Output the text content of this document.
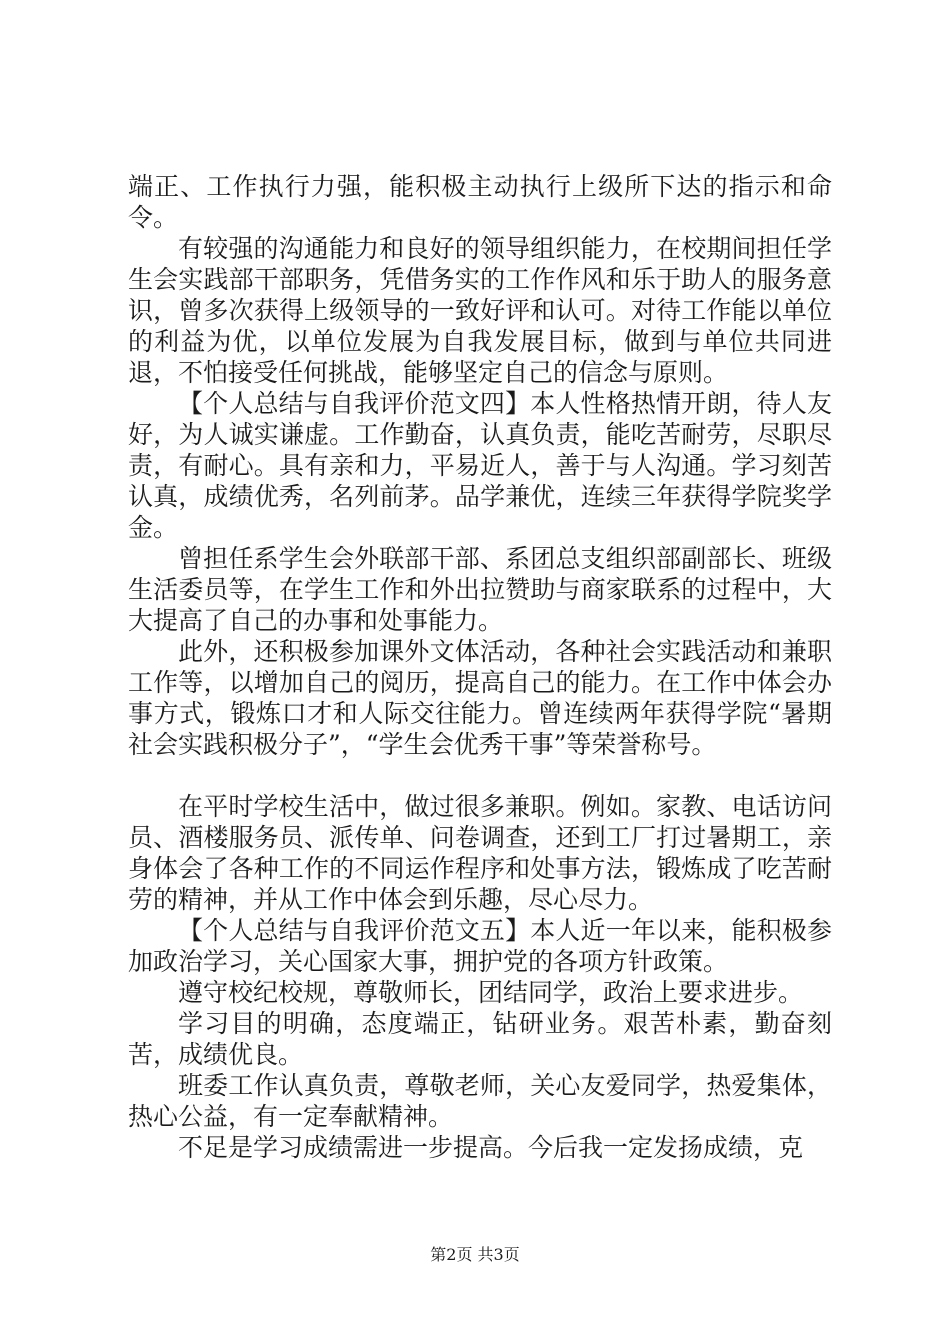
端正、工作执行力强，能积极主动执行上级所下达的指示和命令。

有较强的沟通能力和良好的领导组织能力，在校期间担任学生会实践部干部职务，凭借务实的工作作风和乐于助人的服务意识，曾多次获得上级领导的一致好评和认可。对待工作能以单位的利益为优，以单位发展为自我发展目标，做到与单位共同进退，不怕接受任何挑战，能够坚定自己的信念与原则。

【个人总结与自我评价范文四】本人性格热情开朗，待人友好，为人诚实谦虚。工作勤奋，认真负责，能吃苦耐劳，尽职尽责，有耐心。具有亲和力，平易近人，善于与人沟通。学习刻苦认真，成绩优秀，名列前茅。品学兼优，连续三年获得学院奖学金。

曾担任系学生会外联部干部、系团总支组织部副部长、班级生活委员等，在学生工作和外出拉赞助与商家联系的过程中，大大提高了自己的办事和处事能力。

此外，还积极参加课外文体活动，各种社会实践活动和兼职工作等，以增加自己的阅历，提高自己的能力。在工作中体会办事方式，锻炼口才和人际交往能力。曾连续两年获得学院“暑期社会实践积极分子”，“学生会优秀干事”等荣誉称号。

在平时学校生活中，做过很多兼职。例如。家教、电话访问员、酒楼服务员、派传单、问卷调查，还到工厂打过暑期工，亲身体会了各种工作的不同运作程序和处事方法，锻炼成了吃苦耐劳的精神，并从工作中体会到乐趣，尽心尽力。

【个人总结与自我评价范文五】本人近一年以来，能积极参加政治学习，关心国家大事，拥护党的各项方针政策。

遵守校纪校规，尊敬师长，团结同学，政治上要求进步。

学习目的明确，态度端正，钻研业务。艰苦朴素，勤奋刻苦，成绩优良。

班委工作认真负责，尊敬老师，关心友爱同学，热爱集体，热心公益，有一定奉献精神。

不足是学习成绩需进一步提高。今后我一定发扬成绩，克

第2页 共3页
